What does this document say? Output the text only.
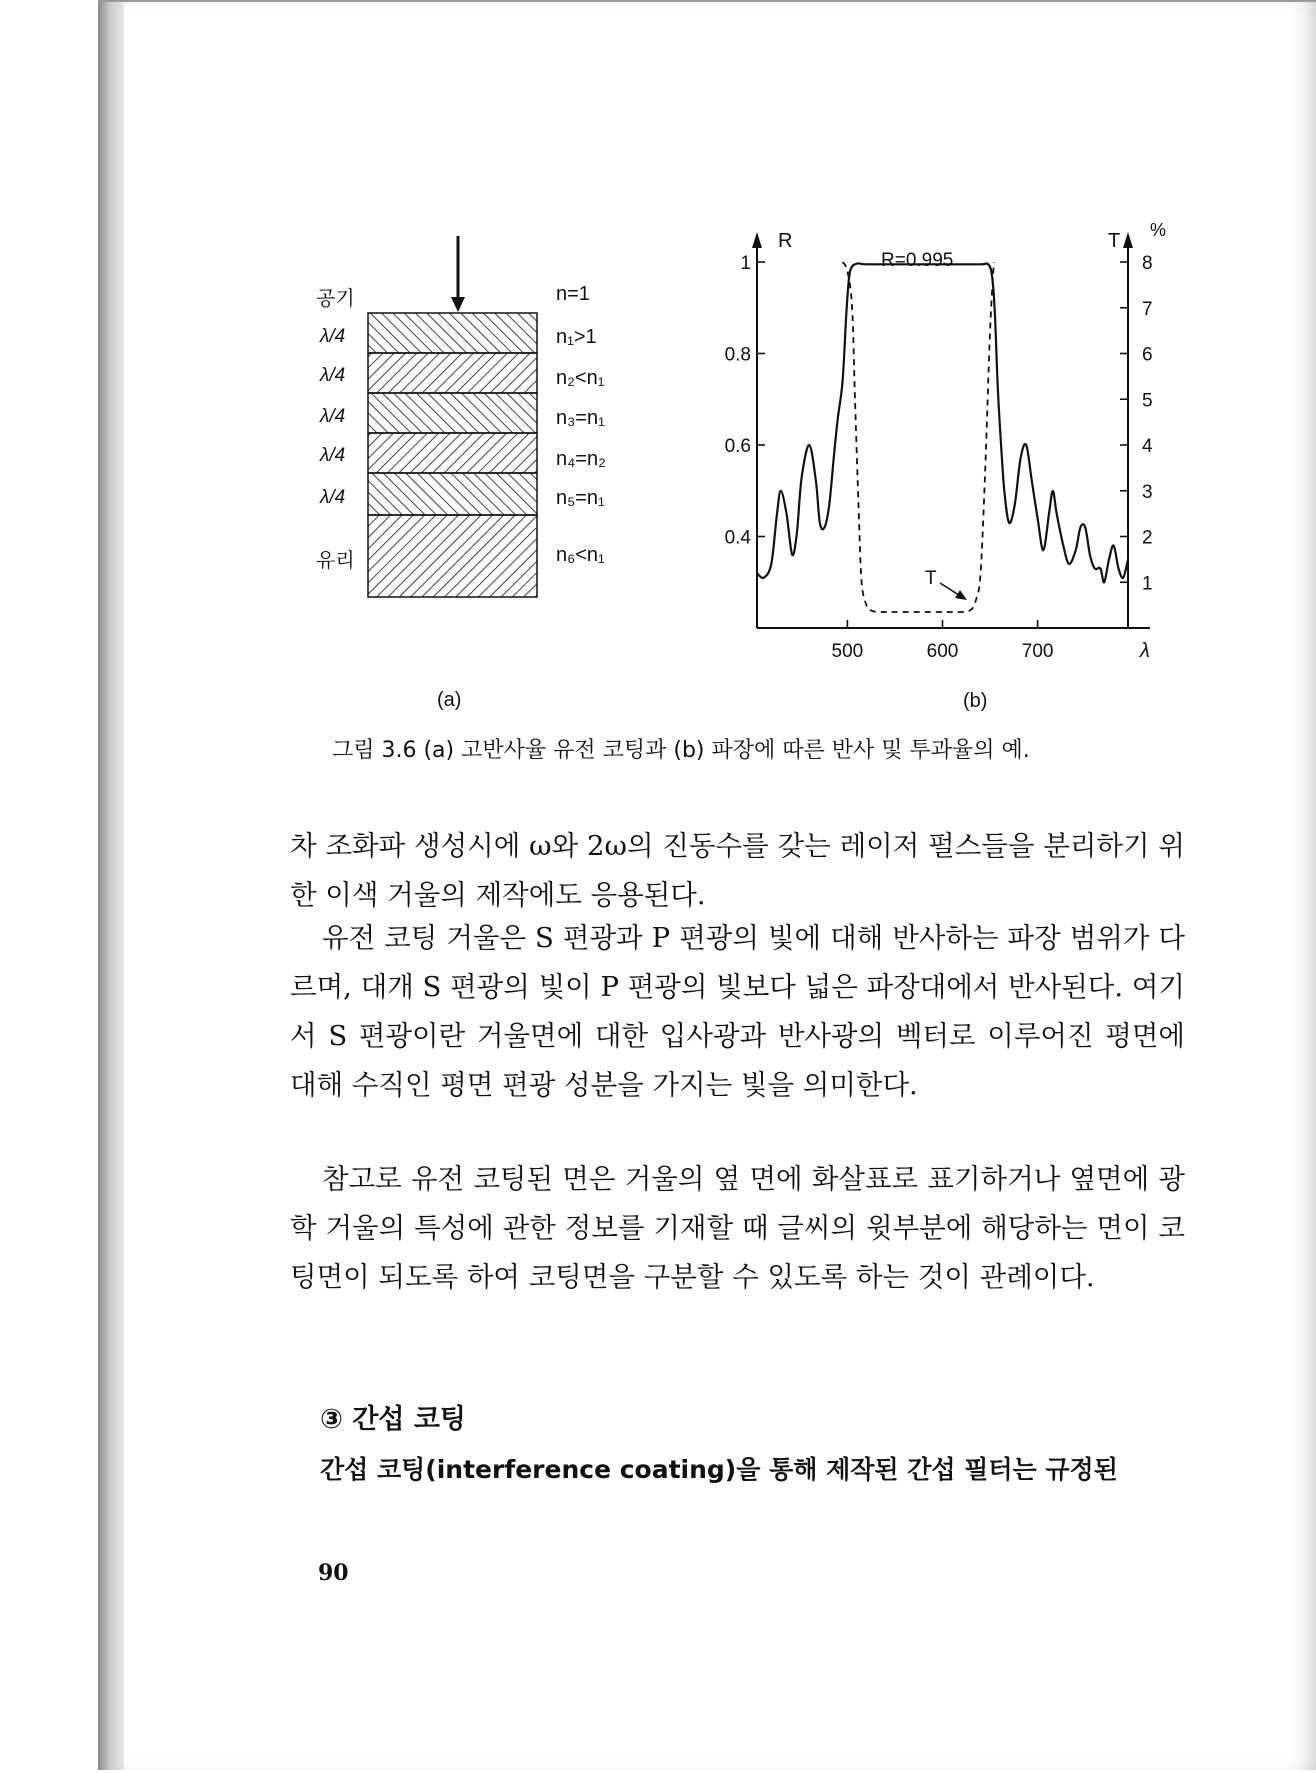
공기
λ/4
λ/4
λ/4
λ/4
λ/4
유리
n=1
n₁>1
n₂<n₁
n₃=n₁
n₄=n₂
n₅=n₁
n₆<n₁
(a)
R	T %
λ
R=0.995
T
(b)
0.4
0.6
0.8
1
1
2
3
4
5
6
7
8
500	600	700
그림 3.6 (a) 고반사율 유전 코팅과 (b) 파장에 따른 반사 및 투과율의 예.

차 조화파 생성시에 ω와 2ω의 진동수를 갖는 레이저 펄스들을 분리하기 위한 이색 거울의 제작에도 응용된다.

유전 코팅 거울은 S 편광과 P 편광의 빛에 대해 반사하는 파장 범위가 다르며, 대개 S 편광의 빛이 P 편광의 빛보다 넓은 파장대에서 반사된다. 여기서 S 편광이란 거울면에 대한 입사광과 반사광의 벡터로 이루어진 평면에 대해 수직인 평면 편광 성분을 가지는 빛을 의미한다.

참고로 유전 코팅된 면은 거울의 옆 면에 화살표로 표기하거나 옆면에 광학 거울의 특성에 관한 정보를 기재할 때 글씨의 윗부분에 해당하는 면이 코팅면이 되도록 하여 코팅면을 구분할 수 있도록 하는 것이 관례이다.

③ 간섭 코팅
간섭 코팅(interference coating)을 통해 제작된 간섭 필터는 규정된
90
